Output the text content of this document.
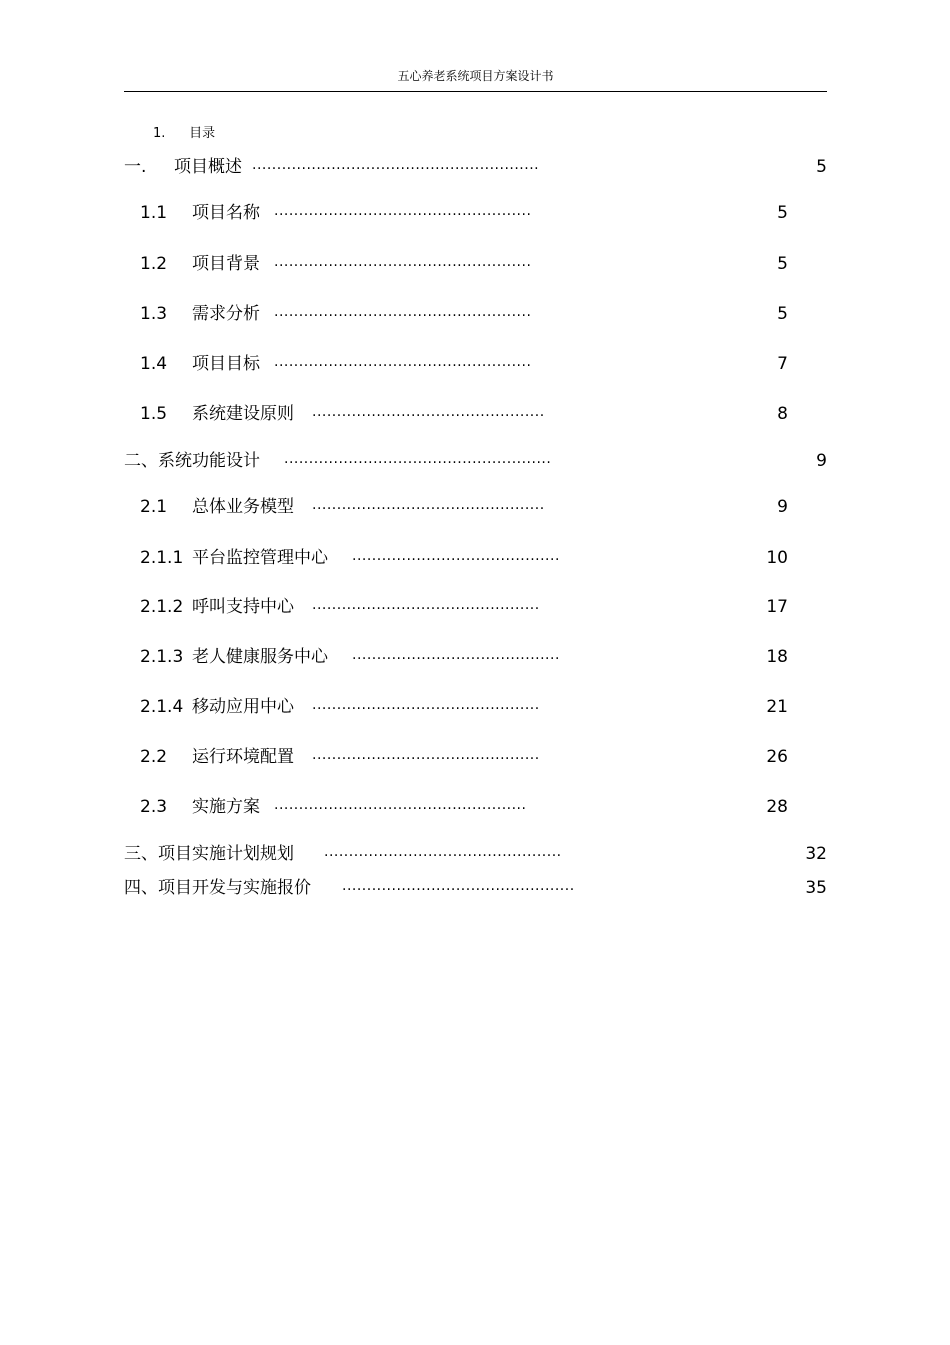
五心养老系统项目方案设计书
1. 目录
一. 项目概述 ..........................................................	5
1.1 项目名称 ....................................................	5
1.2 项目背景 ....................................................	5
1.3 需求分析 ....................................................	5
1.4 项目目标 ....................................................	7
1.5 系统建设原则 ...............................................	8
二、系统功能设计 ......................................................	9
2.1 总体业务模型 ...............................................	9
2.1.1 平台监控管理中心 ..........................................	10
2.1.2 呼叫支持中心 ..............................................	17
2.1.3 老人健康服务中心 ..........................................	18
2.1.4 移动应用中心 ..............................................	21
2.2 运行环境配置 ..............................................	26
2.3 实施方案 ...................................................	28
三、项目实施计划规划 ................................................	32
四、项目开发与实施报价 ...............................................	35
